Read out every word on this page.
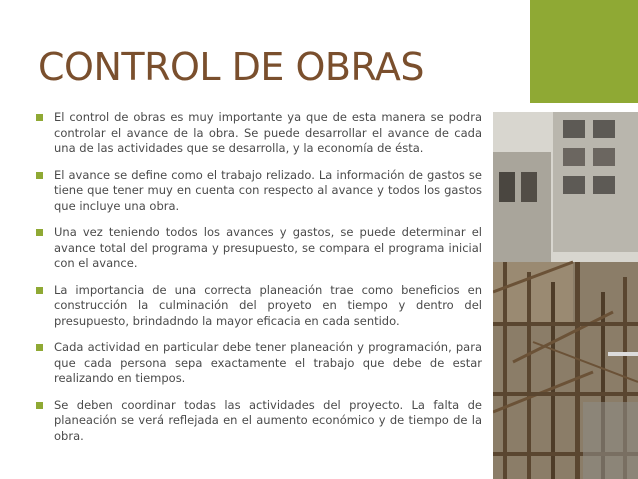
CONTROL DE OBRAS
El control de obras es muy importante ya que de esta manera se podra controlar el avance de la obra. Se puede desarrollar el avance de cada una de las actividades que se desarrolla, y la economía de ésta.
El avance se define como el trabajo relizado. La información de gastos se tiene que tener muy en cuenta con respecto al avance y todos los gastos que incluye una obra.
Una vez teniendo todos los avances y gastos, se puede determinar el avance total del programa y presupuesto, se compara el programa inicial con el avance.
La importancia de una correcta planeación trae como beneficios en construcción la culminación del proyeto en tiempo y dentro del presupuesto, brindadndo la mayor eficacia en cada sentido.
Cada actividad en particular debe tener planeación y programación, para que cada persona sepa exactamente el trabajo que debe de estar realizando en tiempos.
Se deben coordinar todas las actividades del proyecto. La falta de planeación se verá reflejada en el aumento económico y de tiempo de la obra.
